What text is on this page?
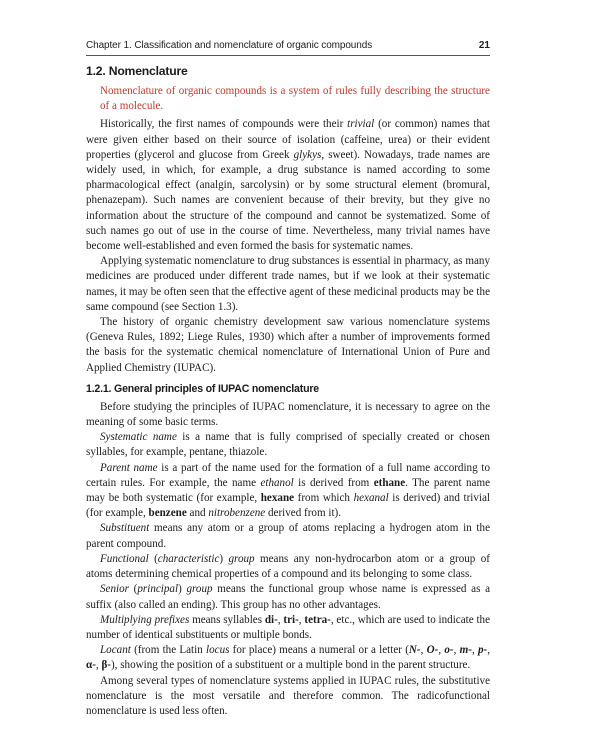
Chapter 1. Classification and nomenclature of organic compounds	21
1.2. Nomenclature

Nomenclature of organic compounds is a system of rules fully describing the structure of a molecule.

Historically, the first names of compounds were their trivial (or common) names that were given either based on their source of isolation (caffeine, urea) or their evident properties (glycerol and glucose from Greek glykys, sweet). Nowadays, trade names are widely used, in which, for example, a drug substance is named according to some pharmacological effect (analgin, sarcolysin) or by some structural element (bromural, phenazepam). Such names are convenient because of their brevity, but they give no information about the structure of the compound and cannot be systematized. Some of such names go out of use in the course of time. Nevertheless, many trivial names have become well-established and even formed the basis for systematic names.

Applying systematic nomenclature to drug substances is essential in pharmacy, as many medicines are produced under different trade names, but if we look at their systematic names, it may be often seen that the effective agent of these medicinal products may be the same compound (see Section 1.3).

The history of organic chemistry development saw various nomenclature systems (Geneva Rules, 1892; Liege Rules, 1930) which after a number of improvements formed the basis for the systematic chemical nomenclature of International Union of Pure and Applied Chemistry (IUPAC).

1.2.1. General principles of IUPAC nomenclature

Before studying the principles of IUPAC nomenclature, it is necessary to agree on the meaning of some basic terms.

Systematic name is a name that is fully comprised of specially created or chosen syllables, for example, pentane, thiazole.

Parent name is a part of the name used for the formation of a full name according to certain rules. For example, the name ethanol is derived from ethane. The parent name may be both systematic (for example, hexane from which hexanal is derived) and trivial (for example, benzene and nitrobenzene derived from it).

Substituent means any atom or a group of atoms replacing a hydrogen atom in the parent compound.

Functional (characteristic) group means any non-hydrocarbon atom or a group of atoms determining chemical properties of a compound and its belonging to some class.

Senior (principal) group means the functional group whose name is expressed as a suffix (also called an ending). This group has no other advantages.

Multiplying prefixes means syllables di-, tri-, tetra-, etc., which are used to indicate the number of identical substituents or multiple bonds.

Locant (from the Latin locus for place) means a numeral or a letter (N-, O-, o-, m-, p-, α-, β-), showing the position of a substituent or a multiple bond in the parent structure.

Among several types of nomenclature systems applied in IUPAC rules, the substitutive nomenclature is the most versatile and therefore common. The radicofunctional nomenclature is used less often.
